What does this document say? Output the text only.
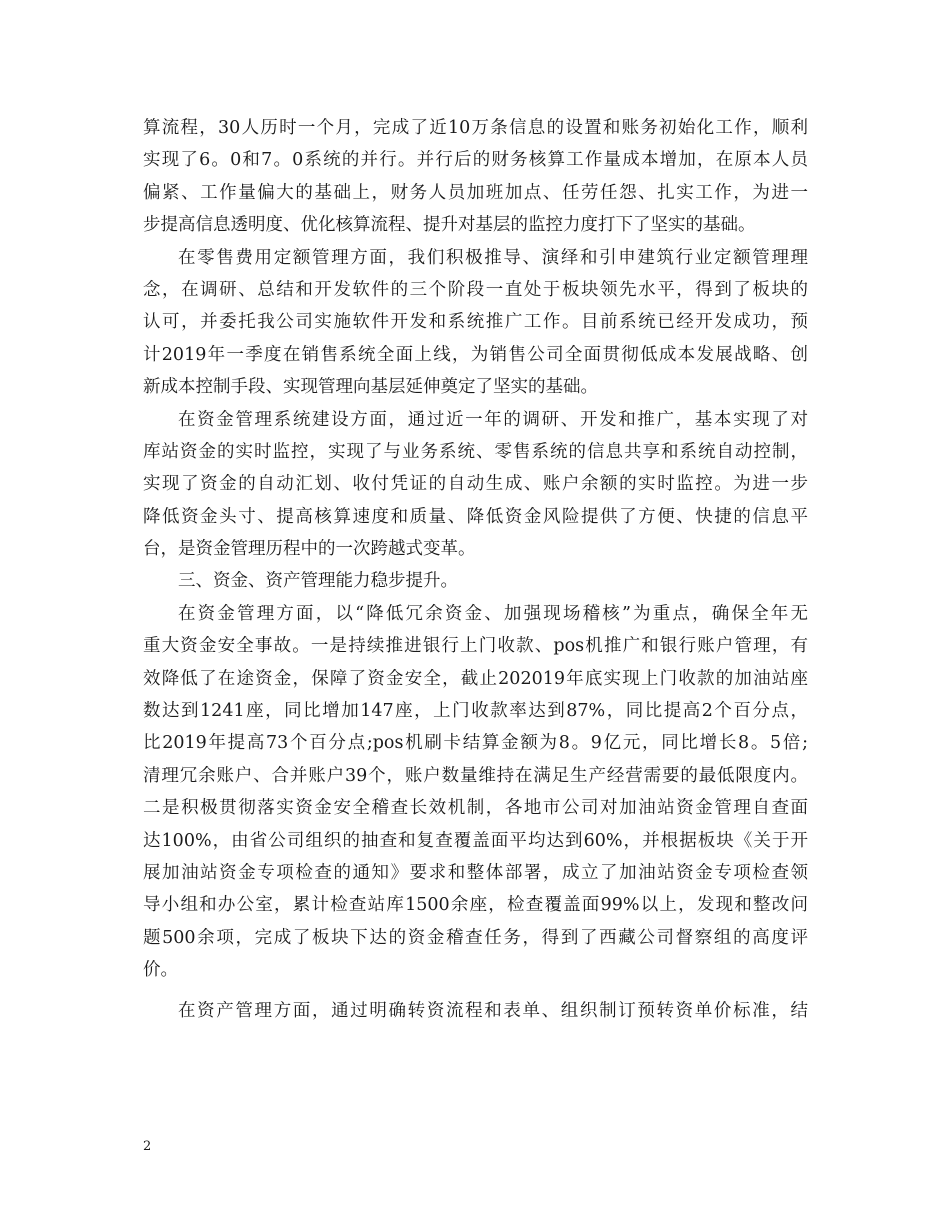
算流程，30人历时一个月，完成了近10万条信息的设置和账务初始化工作，顺利
实现了6。0和7。0系统的并行。并行后的财务核算工作量成本增加，在原本人员
偏紧、工作量偏大的基础上，财务人员加班加点、任劳任怨、扎实工作，为进一
步提高信息透明度、优化核算流程、提升对基层的监控力度打下了坚实的基础。
在零售费用定额管理方面，我们积极推导、演绎和引申建筑行业定额管理理
念，在调研、总结和开发软件的三个阶段一直处于板块领先水平，得到了板块的
认可，并委托我公司实施软件开发和系统推广工作。目前系统已经开发成功，预
计2019年一季度在销售系统全面上线，为销售公司全面贯彻低成本发展战略、创
新成本控制手段、实现管理向基层延伸奠定了坚实的基础。
在资金管理系统建设方面，通过近一年的调研、开发和推广，基本实现了对
库站资金的实时监控，实现了与业务系统、零售系统的信息共享和系统自动控制，
实现了资金的自动汇划、收付凭证的自动生成、账户余额的实时监控。为进一步
降低资金头寸、提高核算速度和质量、降低资金风险提供了方便、快捷的信息平
台，是资金管理历程中的一次跨越式变革。
三、资金、资产管理能力稳步提升。
在资金管理方面，以“降低冗余资金、加强现场稽核”为重点，确保全年无
重大资金安全事故。一是持续推进银行上门收款、pos机推广和银行账户管理，有
效降低了在途资金，保障了资金安全，截止202019年底实现上门收款的加油站座
数达到1241座，同比增加147座，上门收款率达到87%，同比提高2个百分点，
比2019年提高73个百分点;pos机刷卡结算金额为8。9亿元，同比增长8。5倍;
清理冗余账户、合并账户39个，账户数量维持在满足生产经营需要的最低限度内。
二是积极贯彻落实资金安全稽查长效机制，各地市公司对加油站资金管理自查面
达100%，由省公司组织的抽查和复查覆盖面平均达到60%，并根据板块《关于开
展加油站资金专项检查的通知》要求和整体部署，成立了加油站资金专项检查领
导小组和办公室，累计检查站库1500余座，检查覆盖面99%以上，发现和整改问
题500余项，完成了板块下达的资金稽查任务，得到了西藏公司督察组的高度评
价。
在资产管理方面，通过明确转资流程和表单、组织制订预转资单价标准，结
2
